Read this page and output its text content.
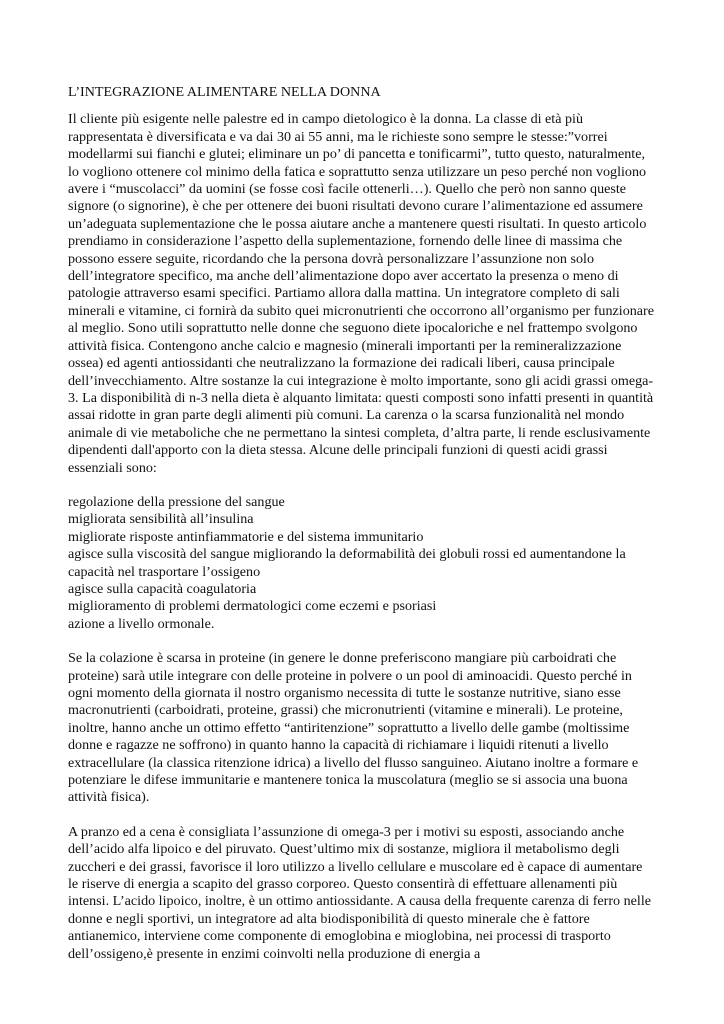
L’INTEGRAZIONE ALIMENTARE NELLA DONNA

Il cliente più esigente nelle palestre ed in campo dietologico è la donna. La classe di età più rappresentata è diversificata e va dai 30 ai 55 anni, ma le richieste sono sempre le stesse:”vorrei modellarmi sui fianchi e glutei; eliminare un po’ di pancetta e tonificarmi”, tutto questo, naturalmente, lo vogliono ottenere col minimo della fatica e soprattutto senza utilizzare un peso perché non vogliono avere i “muscolacci” da uomini (se fosse così facile ottenerli…). Quello che però non sanno queste signore (o signorine), è che per ottenere dei buoni risultati devono curare l’alimentazione ed assumere un’adeguata suplementazione che le possa aiutare anche a mantenere questi risultati. In questo articolo prendiamo in considerazione l’aspetto della suplementazione, fornendo delle linee di massima che possono essere seguite, ricordando che la persona dovrà personalizzare l’assunzione non solo dell’integratore specifico, ma anche dell’alimentazione dopo aver accertato la presenza o meno di patologie attraverso esami specifici. Partiamo allora dalla mattina. Un integratore completo di sali minerali e vitamine, ci fornirà da subito quei micronutrienti che occorrono all’organismo per funzionare al meglio. Sono utili soprattutto nelle donne che seguono diete ipocaloriche e nel frattempo svolgono attività fisica. Contengono anche calcio e magnesio (minerali importanti per la remineralizzazione ossea) ed agenti antiossidanti che neutralizzano la formazione dei radicali liberi, causa principale dell’invecchiamento. Altre sostanze la cui integrazione è molto importante, sono gli acidi grassi omega-3. La disponibilità di n-3 nella dieta è alquanto limitata: questi composti sono infatti presenti in quantità assai ridotte in gran parte degli alimenti più comuni. La carenza o la scarsa funzionalità nel mondo animale di vie metaboliche che ne permettano la sintesi completa, d’altra parte, li rende esclusivamente dipendenti dall'apporto con la dieta stessa. Alcune delle principali funzioni di questi acidi grassi essenziali sono:

regolazione della pressione del sangue
migliorata sensibilità all’insulina
migliorate risposte antinfiammatorie e del sistema immunitario
agisce sulla viscosità del sangue migliorando la deformabilità dei globuli rossi ed aumentandone la capacità nel trasportare l’ossigeno
agisce sulla capacità coagulatoria
miglioramento di problemi dermatologici come eczemi e psoriasi
azione a livello ormonale.

Se la colazione è scarsa in proteine (in genere le donne preferiscono mangiare più carboidrati che proteine) sarà utile integrare con delle proteine in polvere o un pool di aminoacidi. Questo perché in ogni momento della giornata il nostro organismo necessita di tutte le sostanze nutritive, siano esse macronutrienti (carboidrati, proteine, grassi) che micronutrienti (vitamine e minerali). Le proteine, inoltre, hanno anche un ottimo effetto “antiritenzione” soprattutto a livello delle gambe (moltissime donne e ragazze ne soffrono) in quanto hanno la capacità di richiamare i liquidi ritenuti a livello extracellulare (la classica ritenzione idrica) a livello del flusso sanguineo. Aiutano inoltre a formare e potenziare le difese immunitarie e mantenere tonica la muscolatura (meglio se si associa una buona attività fisica).

A pranzo ed a cena è consigliata l’assunzione di omega-3 per i motivi su esposti, associando anche dell’acido alfa lipoico e del piruvato. Quest’ultimo mix di sostanze, migliora il metabolismo degli zuccheri e dei grassi, favorisce il loro utilizzo a livello cellulare e muscolare ed è capace di aumentare le riserve di energia a scapito del grasso corporeo. Questo consentirà di effettuare allenamenti più intensi. L’acido lipoico, inoltre, è un ottimo antiossidante. A causa della frequente carenza di ferro nelle donne e negli sportivi, un integratore ad alta biodisponibilità di questo minerale che è fattore antianemico, interviene come componente di emoglobina e mioglobina, nei processi di trasporto dell’ossigeno,è presente in enzimi coinvolti nella produzione di energia a
